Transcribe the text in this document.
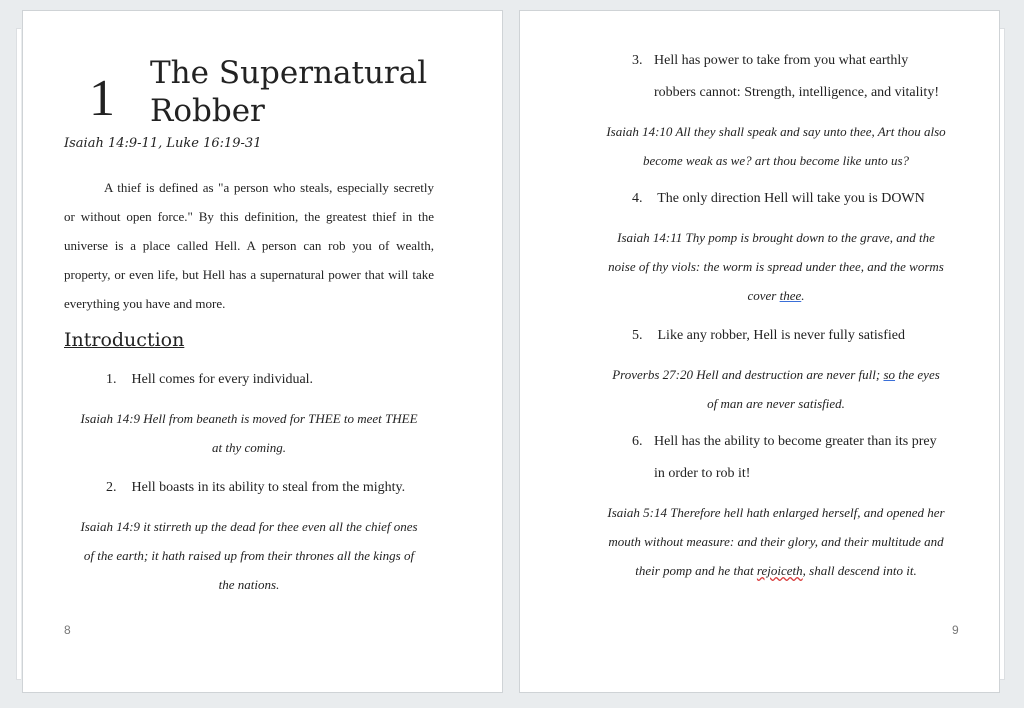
1 The Supernatural Robber
Isaiah 14:9-11, Luke 16:19-31

A thief is defined as "a person who steals, especially secretly or without open force." By this definition, the greatest thief in the universe is a place called Hell. A person can rob you of wealth, property, or even life, but Hell has a supernatural power that will take everything you have and more.

Introduction
1. Hell comes for every individual.
Isaiah 14:9 Hell from beaneth is moved for THEE to meet THEE at thy coming.
2. Hell boasts in its ability to steal from the mighty.
Isaiah 14:9 it stirreth up the dead for thee even all the chief ones of the earth; it hath raised up from their thrones all the kings of the nations.
8
3. Hell has power to take from you what earthly
robbers cannot: Strength, intelligence, and vitality!
Isaiah 14:10 All they shall speak and say unto thee, Art thou also become weak as we? art thou become like unto us?
4. The only direction Hell will take you is DOWN
Isaiah 14:11 Thy pomp is brought down to the grave, and the noise of thy viols: the worm is spread under thee, and the worms cover thee.
5. Like any robber, Hell is never fully satisfied
Proverbs 27:20 Hell and destruction are never full; so the eyes of man are never satisfied.
6. Hell has the ability to become greater than its prey
in order to rob it!
Isaiah 5:14 Therefore hell hath enlarged herself, and opened her mouth without measure: and their glory, and their multitude and their pomp and he that rejoiceth, shall descend into it.
9
